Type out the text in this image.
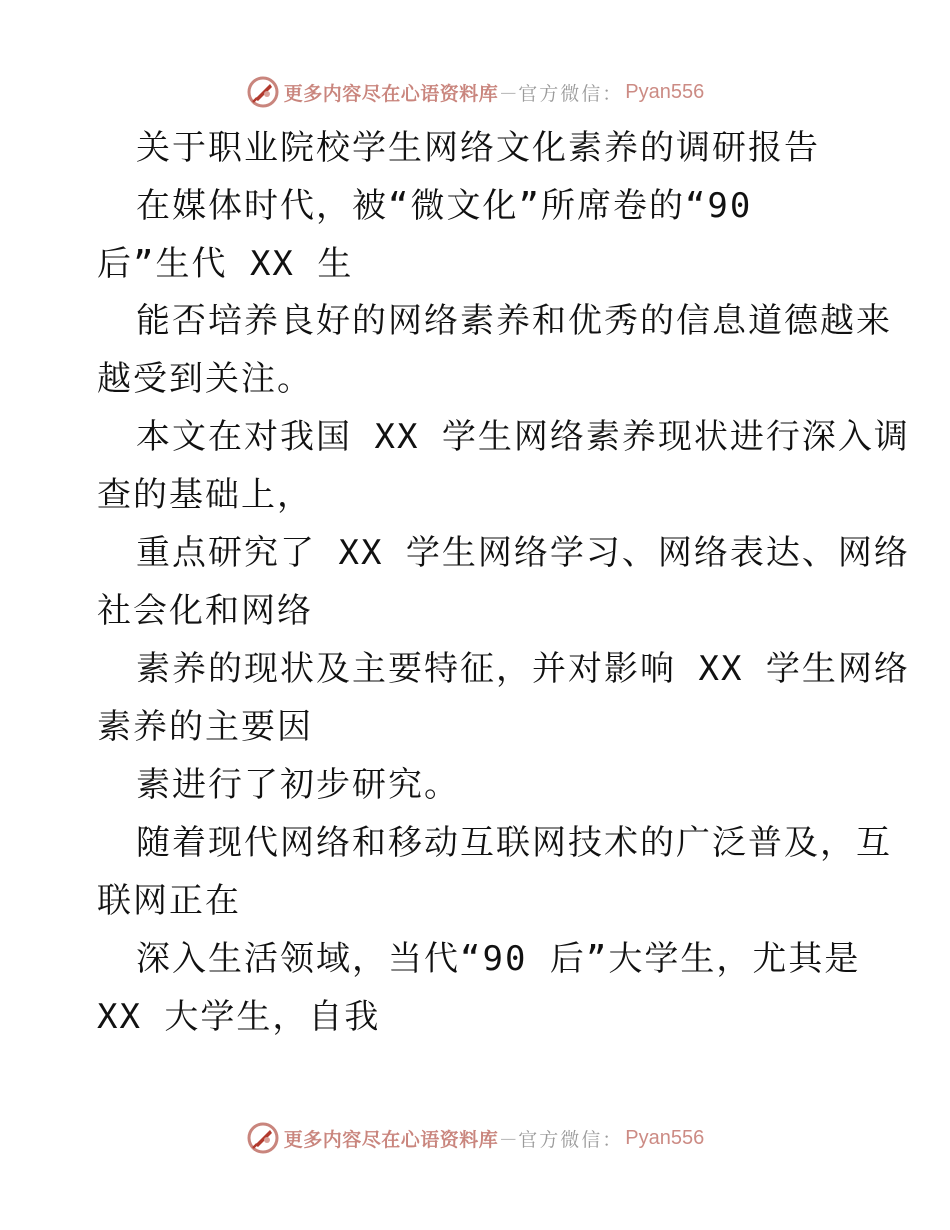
更多内容尽在心语资料库 — 官方微信： Pyan556
关于职业院校学生网络文化素养的调研报告
在媒体时代，被“微文化”所席卷的“90
后”生代 XX 生
能否培养良好的网络素养和优秀的信息道德越来
越受到关注。
本文在对我国 XX 学生网络素养现状进行深入调
查的基础上，
重点研究了 XX 学生网络学习、网络表达、网络
社会化和网络
素养的现状及主要特征，并对影响 XX 学生网络
素养的主要因
素进行了初步研究。
随着现代网络和移动互联网技术的广泛普及，互
联网正在
深入生活领域，当代“90 后”大学生，尤其是
XX 大学生，自我
更多内容尽在心语资料库 — 官方微信： Pyan556
